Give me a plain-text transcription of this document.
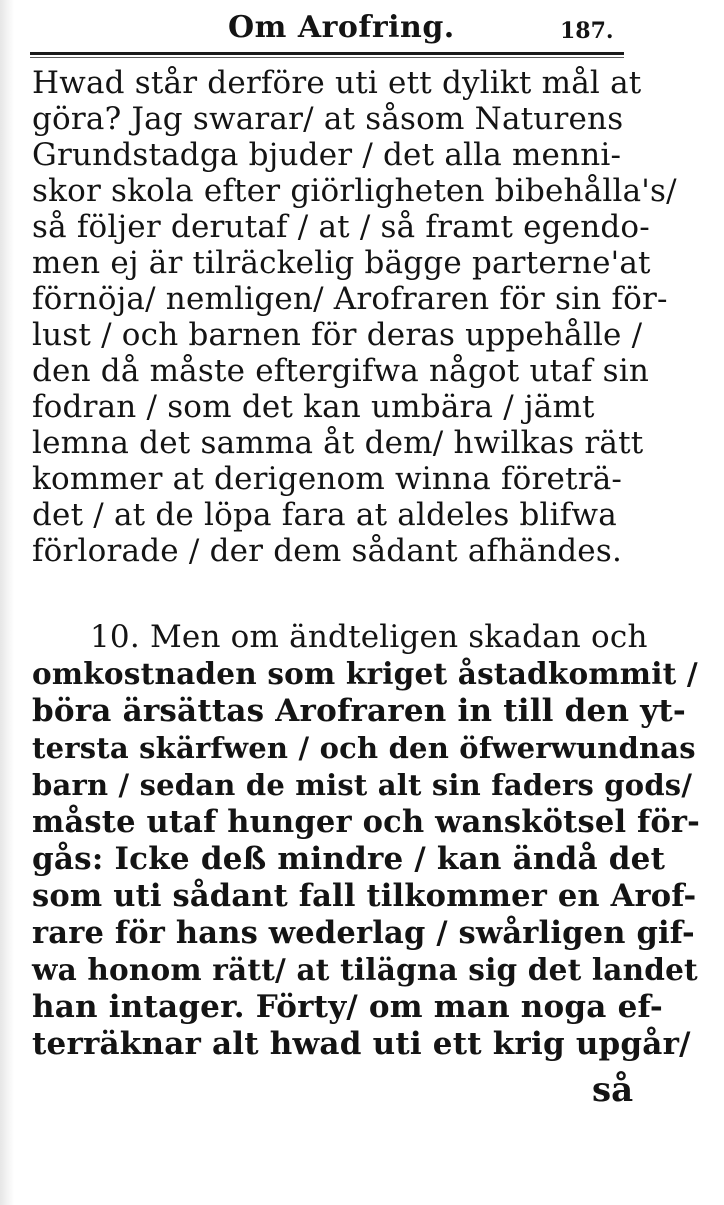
Om Arofring.	187.
Hwad står derföre uti ett dylikt mål at
göra? Jag swarar/ at såsom Naturens
Grundstadga bjuder / det alla menni-
skor skola efter giörligheten bibehålla's/
så följer derutaf / at / så framt egendo-
men ej är tilräckelig bägge parterne'at
förnöja/ nemligen/ Arofraren för sin för-
lust / och barnen för deras uppehålle /
den då måste eftergifwa något utaf sin
fodran / som det kan umbära / jämt
lemna det samma åt dem/ hwilkas rätt
kommer at derigenom winna företrä-
det / at de löpa fara at aldeles blifwa
förlorade / der dem sådant afhändes.
10. Men om ändteligen skadan och
omkostnaden som kriget åstadkommit /
böra ärsättas Arofraren in till den yt-
tersta skärfwen / och den öfwerwundnas
barn / sedan de mist alt sin faders gods/
måste utaf hunger och wanskötsel för-
gås: Icke deß mindre / kan ändå det
som uti sådant fall tilkommer en Arof-
rare för hans wederlag / swårligen gif-
wa honom rätt/ at tilägna sig det landet
han intager. Förty/ om man noga ef-
terräknar alt hwad uti ett krig upgår/
så
